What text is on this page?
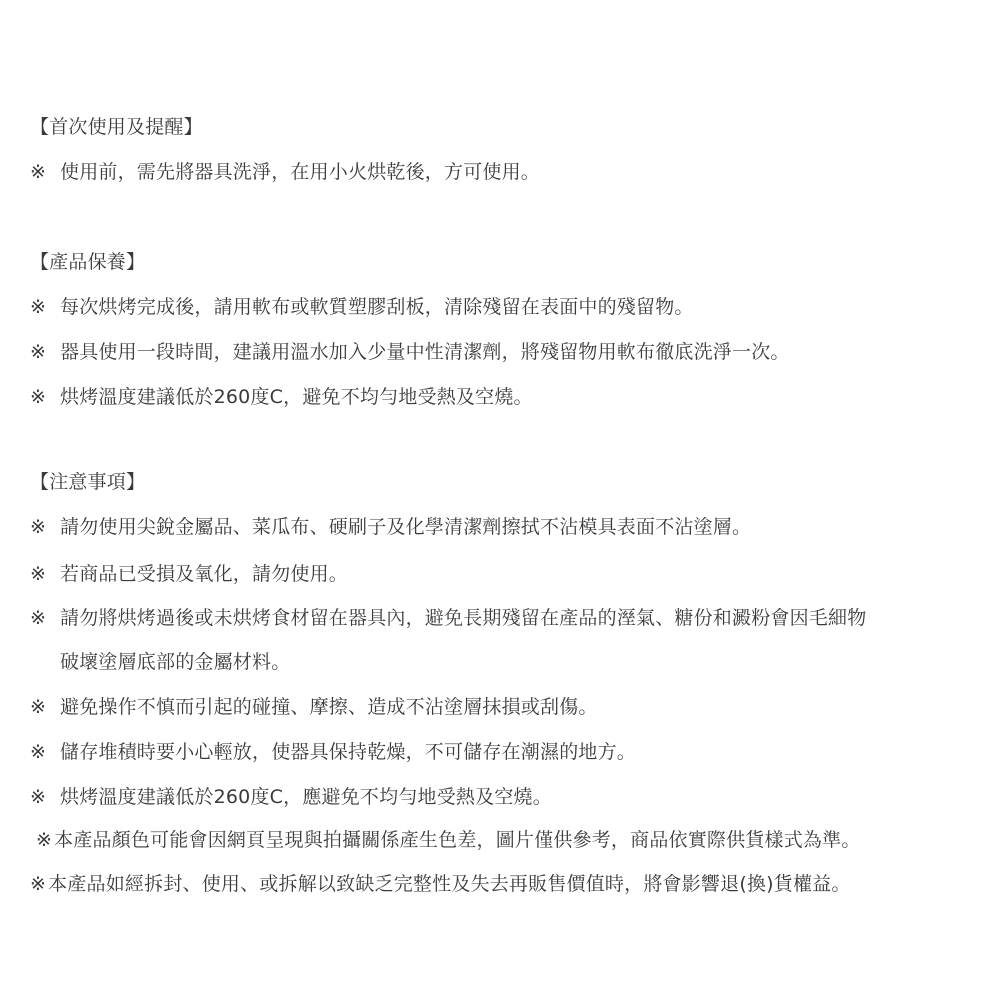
【首次使用及提醒】
※ 使用前，需先將器具洗淨，在用小火烘乾後，方可使用。
【產品保養】
※ 每次烘烤完成後，請用軟布或軟質塑膠刮板，清除殘留在表面中的殘留物。
※ 器具使用一段時間，建議用溫水加入少量中性清潔劑，將殘留物用軟布徹底洗淨一次。
※ 烘烤溫度建議低於260度C，避免不均勻地受熱及空燒。
【注意事項】
※ 請勿使用尖銳金屬品、菜瓜布、硬刷子及化學清潔劑擦拭不沾模具表面不沾塗層。
※ 若商品已受損及氧化，請勿使用。
※ 請勿將烘烤過後或未烘烤食材留在器具內，避免長期殘留在產品的溼氣、糖份和澱粉會因毛細物
破壞塗層底部的金屬材料。
※ 避免操作不慎而引起的碰撞、摩擦、造成不沾塗層抹損或刮傷。
※ 儲存堆積時要小心輕放，使器具保持乾燥，不可儲存在潮濕的地方。
※ 烘烤溫度建議低於260度C，應避免不均勻地受熱及空燒。
※ 本產品顏色可能會因網頁呈現與拍攝關係產生色差，圖片僅供參考，商品依實際供貨樣式為準。
※ 本產品如經拆封、使用、或拆解以致缺乏完整性及失去再販售價值時，將會影響退(換)貨權益。
